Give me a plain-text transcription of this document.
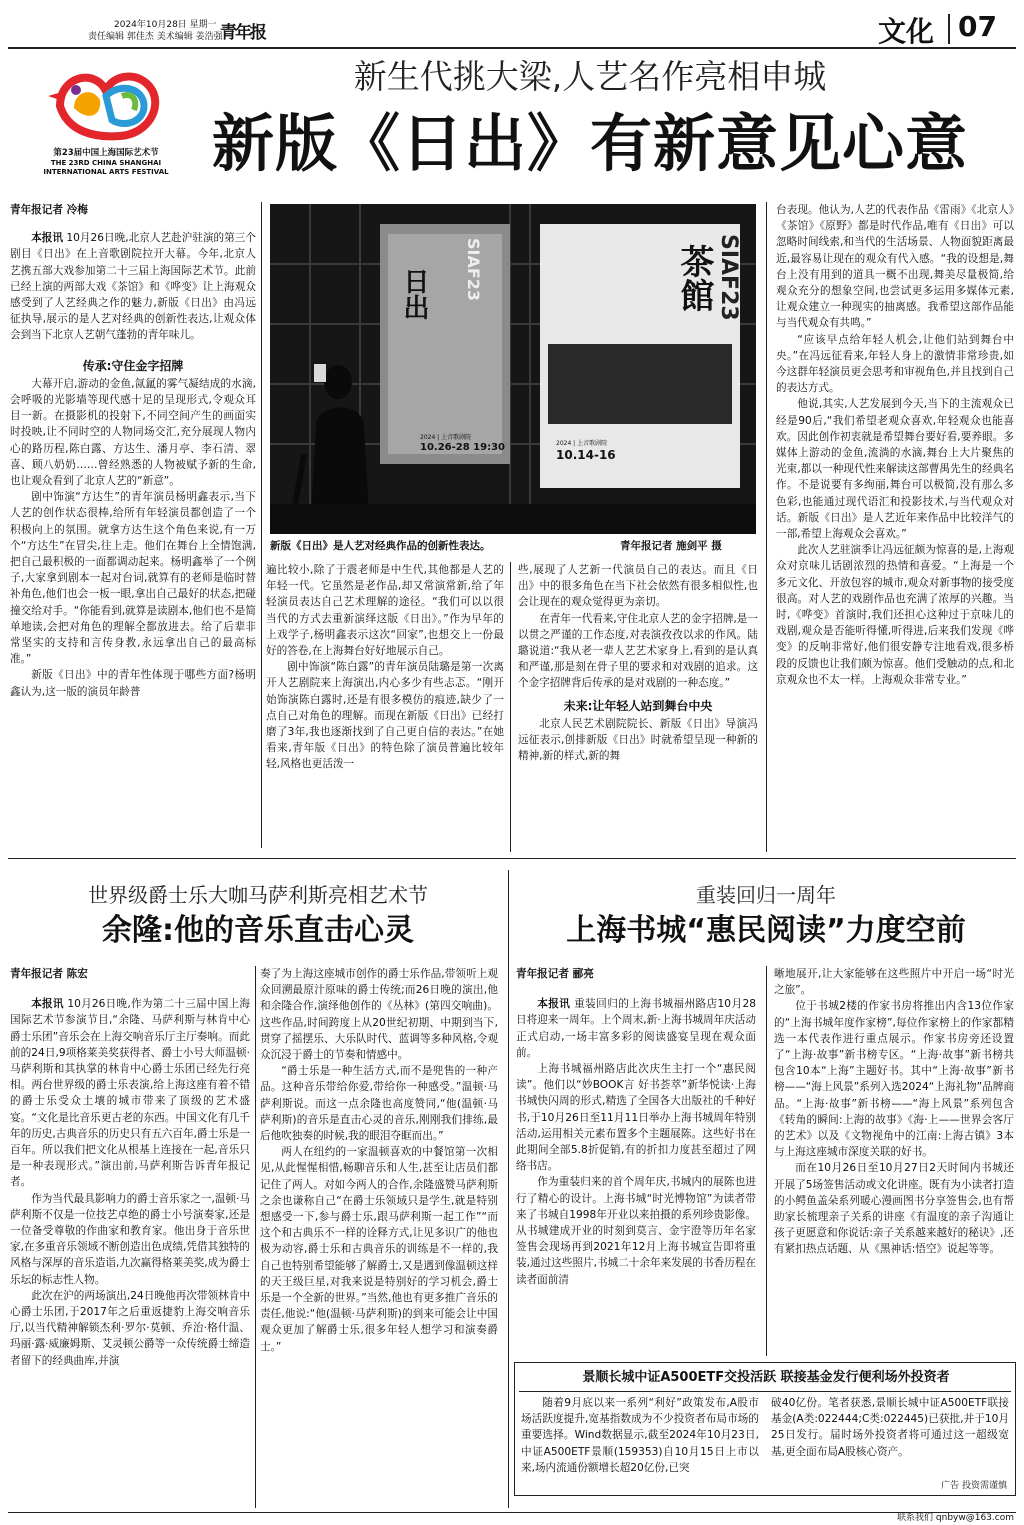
2024年10月28日 星期一
责任编辑 郭佳杰 美术编辑 姜浩强
青年报	文化 07
第23届中国上海国际艺术节
THE 23RD CHINA SHANGHAI
INTERNATIONAL ARTS FESTIVAL
新生代挑大梁,人艺名作亮相申城
新版《日出》有新意见心意

青年报记者 冷梅

本报讯 10月26日晚,北京人艺赴沪驻演的第三个剧目《日出》在上音歌剧院拉开大幕。今年,北京人艺携五部大戏参加第二十三届上海国际艺术节。此前已经上演的两部大戏《茶馆》和《哗变》让上海观众感受到了人艺经典之作的魅力,新版《日出》由冯远征执导,展示的是人艺对经典的创新性表达,让观众体会到当下北京人艺朝气蓬勃的青年味儿。

传承:守住金字招牌

大幕开启,游动的金鱼,氤氲的雾气凝结成的水滴,会呼吸的光影墙等现代感十足的呈现形式,令观众耳目一新。在摄影机的投射下,不同空间产生的画面实时投映,让不同时空的人物同场交汇,充分展现人物内心的路历程,陈白露、方达生、潘月亭、李石清、翠喜、顾八奶奶……曾经熟悉的人物被赋予新的生命,也让观众看到了北京人艺的“新意”。

剧中饰演“方达生”的青年演员杨明鑫表示,当下人艺的创作状态很棒,给所有年轻演员都创造了一个积极向上的氛围。就拿方达生这个角色来说,有一万个“方达生”在冒尖,往上走。他们在舞台上全情饱满,把自己最积极的一面都调动起来。杨明鑫举了一个例子,大家拿到剧本一起对台词,就算有的老师是临时替补角色,他们也会一板一眼,拿出自己最好的状态,把碰撞交给对手。“你能看到,就算是读剧本,他们也不是简单地读,会把对角色的理解全都放进去。给了后辈非常坚实的支持和言传身教,永远拿出自己的最高标准。”

新版《日出》中的青年性体现于哪些方面?杨明鑫认为,这一版的演员年龄普

日出 SIAF23
2024 | 上音歌剧院
10.26-28 19:30
茶館 SIAF23
2024 | 上音歌剧院
10.14-16
新版《日出》是人艺对经典作品的创新性表达。	青年报记者 施剑平 摄

遍比较小,除了于震老师是中生代,其他都是人艺的年轻一代。它虽然是老作品,却又常演常新,给了年轻演员表达自己艺术理解的途径。“我们可以以很当代的方式去重新演绎这版《日出》。”作为早年的上戏学子,杨明鑫表示这次“回家”,也想交上一份最好的答卷,在上海舞台好好地展示自己。

剧中饰演“陈白露”的青年演员陆璐是第一次离开人艺剧院来上海演出,内心多少有些忐忑。“刚开始饰演陈白露时,还是有很多模仿的痕迹,缺少了一点自己对角色的理解。而现在新版《日出》已经打磨了3年,我也逐渐找到了自己更自信的表达。”在她看来,青年版《日出》的特色除了演员普遍比较年轻,风格也更活泼一

些,展现了人艺新一代演员自己的表达。而且《日出》中的很多角色在当下社会依然有很多相似性,也会让现在的观众觉得更为亲切。

在青年一代看来,守住北京人艺的金字招牌,是一以贯之严谨的工作态度,对表演孜孜以求的作风。陆璐说道:“我从老一辈人艺艺术家身上,看到的是认真和严谨,那是刻在骨子里的要求和对戏剧的追求。这个金字招牌背后传承的是对戏剧的一种态度。”

未来:让年轻人站到舞台中央

北京人民艺术剧院院长、新版《日出》导演冯远征表示,创排新版《日出》时就希望呈现一种新的精神,新的样式,新的舞

台表现。他认为,人艺的代表作品《雷雨》《北京人》《茶馆》《原野》都是时代作品,唯有《日出》可以忽略时间线索,和当代的生活场景、人物面貌距离最近,最容易让现在的观众有代入感。“我的设想是,舞台上没有用到的道具一概不出现,舞美尽量极简,给观众充分的想象空间,也尝试更多运用多媒体元素,让观众建立一种现实的抽离感。我希望这部作品能与当代观众有共鸣。”

“应该早点给年轻人机会,让他们站到舞台中央。”在冯远征看来,年轻人身上的激情非常珍贵,如今这群年轻演员更会思考和审视角色,并且找到自己的表达方式。

他说,其实,人艺发展到今天,当下的主流观众已经是90后,“我们希望老观众喜欢,年轻观众也能喜欢。因此创作初衷就是希望舞台要好看,要养眼。多媒体上游动的金鱼,流淌的水滴,舞台上大片聚焦的光束,都以一种现代性来解读这部曹禺先生的经典名作。不是说要有多绚丽,舞台可以极简,没有那么多色彩,也能通过现代语汇和投影技术,与当代观众对话。新版《日出》是人艺近年来作品中比较洋气的一部,希望上海观众会喜欢。”

此次人艺驻演季让冯远征颇为惊喜的是,上海观众对京味儿话剧浓烈的热情和喜爱。“上海是一个多元文化、开放包容的城市,观众对新事物的接受度很高。对人艺的戏剧作品也充满了浓厚的兴趣。当时,《哗变》首演时,我们还担心这种过于京味儿的戏剧,观众是否能听得懂,听得进,后来我们发现《哗变》的反响非常好,他们很安静专注地看戏,很多桥段的反馈也让我们颇为惊喜。他们受触动的点,和北京观众也不太一样。上海观众非常专业。”

世界级爵士乐大咖马萨利斯亮相艺术节
余隆:他的音乐直击心灵

青年报记者 陈宏

本报讯 10月26日晚,作为第二十三届中国上海国际艺术节参演节目,“余隆、马萨利斯与林肯中心爵士乐团”音乐会在上海交响音乐厅主厅奏响。而此前的24日,9项格莱美奖获得者、爵士小号大师温顿·马萨利斯和其执掌的林肯中心爵士乐团已经先行亮相。两台世界级的爵士乐表演,给上海这座有着不错的爵士乐受众土壤的城市带来了顶级的艺术盛宴。“文化是比音乐更古老的东西。中国文化有几千年的历史,古典音乐的历史只有五六百年,爵士乐是一百年。所以我们把文化从根基上连接在一起,音乐只是一种表现形式。”演出前,马萨利斯告诉青年报记者。

作为当代最具影响力的爵士音乐家之一,温顿·马萨利斯不仅是一位技艺卓绝的爵士小号演奏家,还是一位备受尊敬的作曲家和教育家。他出身于音乐世家,在多重音乐领域不断创造出色成绩,凭借其独特的风格与深厚的音乐造诣,九次赢得格莱美奖,成为爵士乐坛的标志性人物。

此次在沪的两场演出,24日晚他再次带领林肯中心爵士乐团,于2017年之后重返捷豹上海交响音乐厅,以当代精神解锁杰利·罗尔·莫顿、乔治·格什温、玛丽·露·威廉姆斯、艾灵顿公爵等一众传统爵士缔造者留下的经典曲库,并演

奏了为上海这座城市创作的爵士乐作品,带领听上观众回溯最原汁原味的爵士传统;而26日晚的演出,他和余隆合作,演绎他创作的《丛林》(第四交响曲)。这些作品,时间跨度上从20世纪初期、中期到当下,贯穿了摇摆乐、大乐队时代、蓝调等多种风格,令观众沉浸于爵士的节奏和情感中。

“爵士乐是一种生活方式,而不是兜售的一种产品。这种音乐带给你爱,带给你一种感受。”温顿·马萨利斯说。而这一点余隆也高度赞同,“他(温顿·马萨利斯)的音乐是直击心灵的音乐,刚刚我们排练,最后他吹独奏的时候,我的眼泪夺眶而出。”

两人在纽约的一家温顿喜欢的中餐馆第一次相见,从此惺惺相惜,畅聊音乐和人生,甚至让店员们都记住了两人。对如今两人的合作,余隆盛赞马萨利斯之余也谦称自己“在爵士乐领域只是学生,就是特别想感受一下,参与爵士乐,跟马萨利斯一起工作”“而这个和古典乐不一样的诠释方式,让见多识广的他也极为动容,爵士乐和古典音乐的训练是不一样的,我自己也特别希望能够了解爵士,又是遇到像温顿这样的天王级巨星,对我来说是特别好的学习机会,爵士乐是一个全新的世界。”当然,他也有更多推广音乐的责任,他说:“他(温顿·马萨利斯)的到来可能会让中国观众更加了解爵士乐,很多年轻人想学习和演奏爵士。”

重装回归一周年
上海书城“惠民阅读”力度空前

青年报记者 郦亮

本报讯 重装回归的上海书城福州路店10月28日将迎来一周年。上个周末,新·上海书城周年庆活动正式启动,一场丰富多彩的阅读盛宴呈现在观众面前。

上海书城福州路店此次庆生主打一个“惠民阅读”。他们以“妙BOOK言 好书荟萃”新华悦读·上海书城快闪周的形式,精选了全国各大出版社的千种好书,于10月26日至11月11日举办上海书城周年特别活动,运用相关元素布置多个主题展陈。这些好书在此期间全部5.8折促销,有的折扣力度甚至超过了网络书店。

作为重装归来的首个周年庆,书城内的展陈也进行了精心的设计。上海书城“时光博物馆”为读者带来了书城自1998年开业以来拍摄的系列珍贵影像。从书城建成开业的时刻到莫言、金宇澄等历年名家签售会现场再到2021年12月上海书城宣告即将重装,通过这些照片,书城二十余年来发展的书香历程在读者面前清

晰地展开,让大家能够在这些照片中开启一场“时光之旅”。

位于书城2楼的作家书房将推出内含13位作家的“上海书城年度作家榜”,每位作家榜上的作家都精选一本代表作进行重点展示。作家书房旁还设置了“上海·故事”新书榜专区。“上海·故事”新书榜共包含10本“上海”主题好书。其中“上海·故事”新书榜——“海上风景”系列入选2024“上海礼物”品牌商品。“上海·故事”新书榜——“海上风景”系列包含《转角的瞬间:上海的故事》《海·上——世界会客厅的艺术》以及《文物视角中的江南:上海古镇》3本与上海这座城市深度关联的好书。

而在10月26日至10月27日2天时间内书城还开展了5场签售活动或文化讲座。既有为小读者打造的小鳄鱼盖朵系列暖心漫画图书分享签售会,也有帮助家长梳理亲子关系的讲座《有温度的亲子沟通让孩子更愿意和你说话:亲子关系越来越好的秘诀》,还有紧扣热点话题、从《黑神话:悟空》说起等等。

景顺长城中证A500ETF交投活跃 联接基金发行便利场外投资者

随着9月底以来一系列“利好”政策发布,A股市场活跃度提升,宽基指数成为不少投资者布局市场的重要选择。Wind数据显示,截至2024年10月23日,中证A500ETF景顺(159353)自10月15日上市以来,场内流通份额增长超20亿份,已突

破40亿份。笔者获悉,景顺长城中证A500ETF联接基金(A类:022444;C类:022445)已获批,并于10月25日发行。届时场外投资者将可通过这一超级宽基,更全面布局A股核心资产。

广告 投资需谨慎
联系我们 qnbyw@163.com
